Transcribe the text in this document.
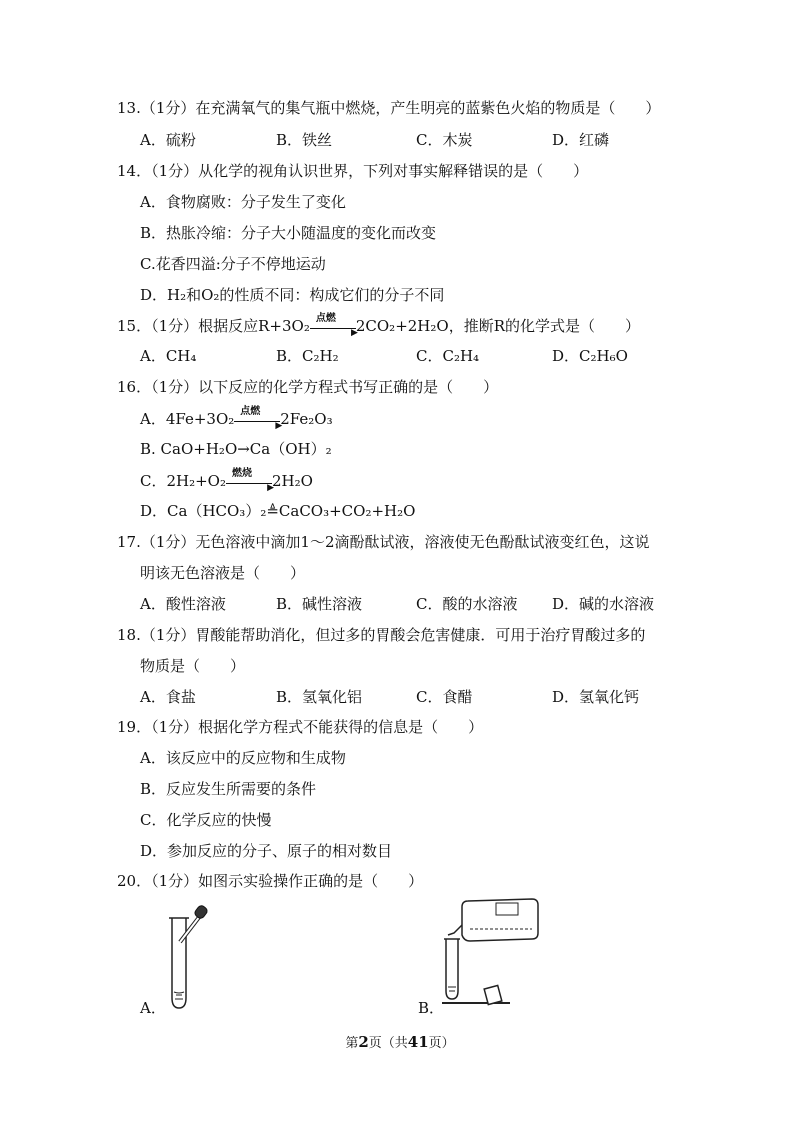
13.（1分）在充满氧气的集气瓶中燃烧，产生明亮的蓝紫色火焰的物质是（　　）
A．硫粉	B．铁丝	C．木炭	D．红磷
14．（1分）从化学的视角认识世界，下列对事实解释错误的是（　　）
A．食物腐败：分子发生了变化
B．热胀冷缩：分子大小随温度的变化而改变
C.花香四溢:分子不停地运动
D．H₂和O₂的性质不同：构成它们的分子不同
15．（1分）根据反应R+3O₂ 点燃
▶
2CO₂+2H₂O，推断R的化学式是（　　）
A．CH₄	B．C₂H₂	C．C₂H₄	D．C₂H₆O
16．（1分）以下反应的化学方程式书写正确的是（　　）
A．4Fe+3O₂ 点燃
▶
2Fe₂O₃
B. CaO+H₂O→Ca（OH）₂
C．2H₂+O₂ 燃烧
▶
2H₂O
D．Ca（HCO₃）₂≜CaCO₃+CO₂+H₂O
17.（1分）无色溶液中滴加1～2滴酚酞试液，溶液使无色酚酞试液变红色，这说
明该无色溶液是（　　）
A．酸性溶液	B．碱性溶液	C．酸的水溶液 D．碱的水溶液
18.（1分）胃酸能帮助消化，但过多的胃酸会危害健康．可用于治疗胃酸过多的
物质是（　　）
A．食盐	B．氢氧化铝	C．食醋	D．氢氧化钙
19．（1分）根据化学方程式不能获得的信息是（　　）
A．该反应中的反应物和生成物
B．反应发生所需要的条件
C．化学反应的快慢
D．参加反应的分子、原子的相对数目
20．（1分）如图示实验操作正确的是（　　）
A．	B．
第2页（共41页）
